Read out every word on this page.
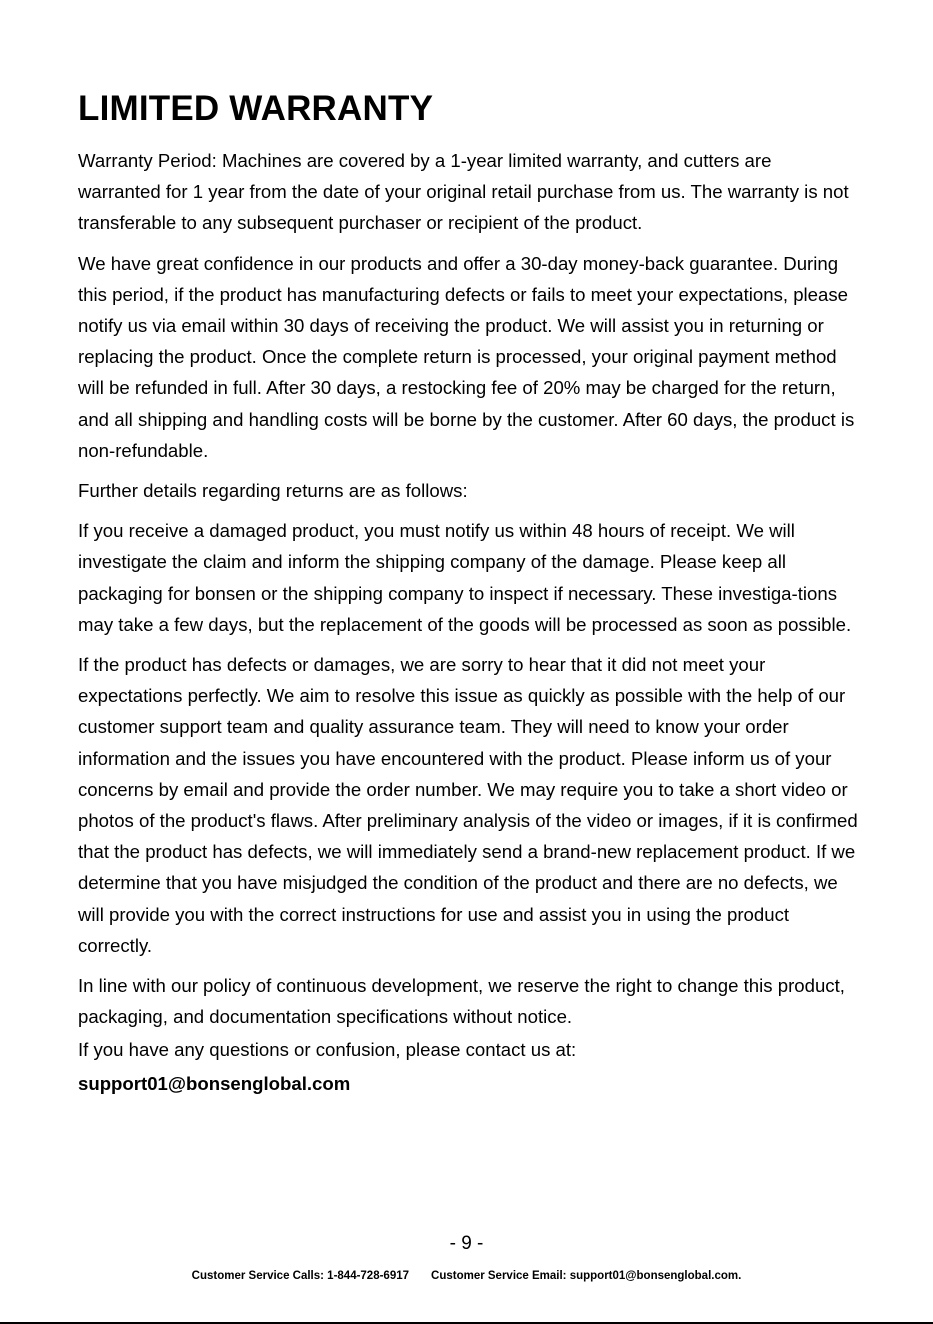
LIMITED WARRANTY

Warranty Period: Machines are covered by a 1-year limited warranty, and cutters are warranted for 1 year from the date of your original retail purchase from us. The warranty is not transferable to any subsequent purchaser or recipient of the product.

We have great confidence in our products and offer a 30-day money-back guarantee. During this period, if the product has manufacturing defects or fails to meet your expectations, please notify us via email within 30 days of receiving the product. We will assist you in returning or replacing the product. Once the complete return is processed, your original payment method will be refunded in full. After 30 days, a restocking fee of 20% may be charged for the return, and all shipping and handling costs will be borne by the customer. After 60 days, the product is non-refundable.

Further details regarding returns are as follows:

If you receive a damaged product, you must notify us within 48 hours of receipt. We will investigate the claim and inform the shipping company of the damage. Please keep all packaging for bonsen or the shipping company to inspect if necessary. These investiga-tions may take a few days, but the replacement of the goods will be processed as soon as possible.

If the product has defects or damages, we are sorry to hear that it did not meet your expectations perfectly. We aim to resolve this issue as quickly as possible with the help of our customer support team and quality assurance team. They will need to know your order information and the issues you have encountered with the product. Please inform us of your concerns by email and provide the order number. We may require you to take a short video or photos of the product's flaws. After preliminary analysis of the video or images, if it is confirmed that the product has defects, we will immediately send a brand-new replacement product. If we determine that you have misjudged the condition of the product and there are no defects, we will provide you with the correct instructions for use and assist you in using the product correctly.

In line with our policy of continuous development, we reserve the right to change this product, packaging, and documentation specifications without notice.

If you have any questions or confusion, please contact us at:

support01@bonsenglobal.com
- 9 -
Customer Service Calls: 1-844-728-6917 Customer Service Email: support01@bonsenglobal.com.
